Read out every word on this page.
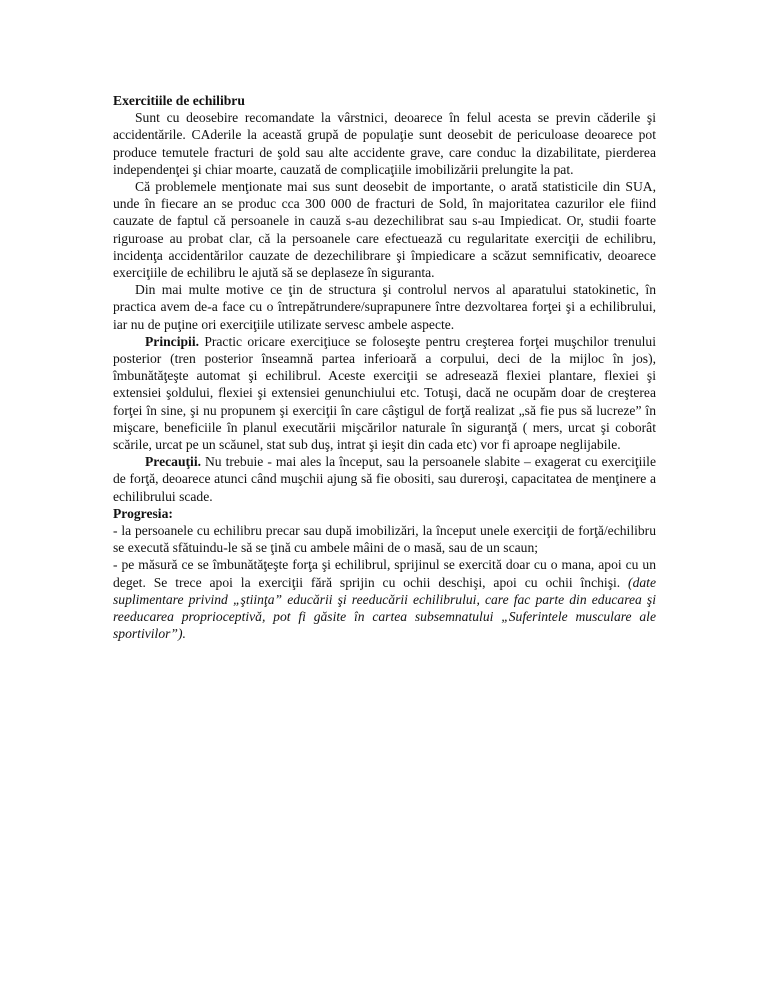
Exercitiile de echilibru

Sunt cu deosebire recomandate la vârstnici, deoarece în felul acesta se previn căderile şi accidentările. CAderile la această grupă de populaţie sunt deosebit de periculoase deoarece pot produce temutele fracturi de şold sau alte accidente grave, care conduc la dizabilitate, pierderea independenţei şi chiar moarte, cauzată de complicaţiile imobilizării prelungite la pat.

Că problemele menţionate mai sus sunt deosebit de importante, o arată statisticile din SUA, unde în fiecare an se produc cca 300 000 de fracturi de Sold, în majoritatea cazurilor ele fiind cauzate de faptul că persoanele in cauză s-au dezechilibrat sau s-au Impiedicat. Or, studii foarte riguroase au probat clar, că la persoanele care efectuează cu regularitate exerciţii de echilibru, incidenţa accidentărilor cauzate de dezechilibrare şi împiedicare a scăzut semnificativ, deoarece exerciţiile de echilibru le ajută să se deplaseze în siguranta.

Din mai multe motive ce ţin de structura şi controlul nervos al aparatului statokinetic, în practica avem de-a face cu o întrepătrundere/suprapunere între dezvoltarea forţei şi a echilibrului, iar nu de puţine ori exerciţiile utilizate servesc ambele aspecte.

Principii. Practic oricare exerciţiuce se foloseşte pentru creşterea forţei muşchilor trenului posterior (tren posterior înseamnă partea inferioară a corpului, deci de la mijloc în jos), îmbunătăţeşte automat şi echilibrul. Aceste exerciţii se adresează flexiei plantare, flexiei şi extensiei şoldului, flexiei şi extensiei genunchiului etc. Totuşi, dacă ne ocupăm doar de creşterea forţei în sine, şi nu propunem şi exerciţii în care câştigul de forţă realizat „să fie pus să lucreze” în mişcare, beneficiile în planul executării mişcărilor naturale în siguranţă ( mers, urcat şi coborât scările, urcat pe un scăunel, stat sub duş, intrat şi ieşit din cada etc) vor fi aproape neglijabile.

Precauţii. Nu trebuie - mai ales la început, sau la persoanele slabite – exagerat cu exerciţiile de forţă, deoarece atunci când muşchii ajung să fie obositi, sau dureroşi, capacitatea de menţinere a echilibrului scade.

Progresia:

- la persoanele cu echilibru precar sau după imobilizări, la început unele exerciţii de forţă/echilibru se execută sfătuindu-le să se ţină cu ambele mâini de o masă, sau de un scaun;

- pe măsură ce se îmbunătăţeşte forţa şi echilibrul, sprijinul se exercită doar cu o mana, apoi cu un deget. Se trece apoi la exerciţii fără sprijin cu ochii deschişi, apoi cu ochii închişi. (date suplimentare privind „ştiinţa” educării şi reeducării echilibrului, care fac parte din educarea şi reeducarea proprioceptivă, pot fi găsite în cartea subsemnatului „Suferintele musculare ale sportivilor”).
